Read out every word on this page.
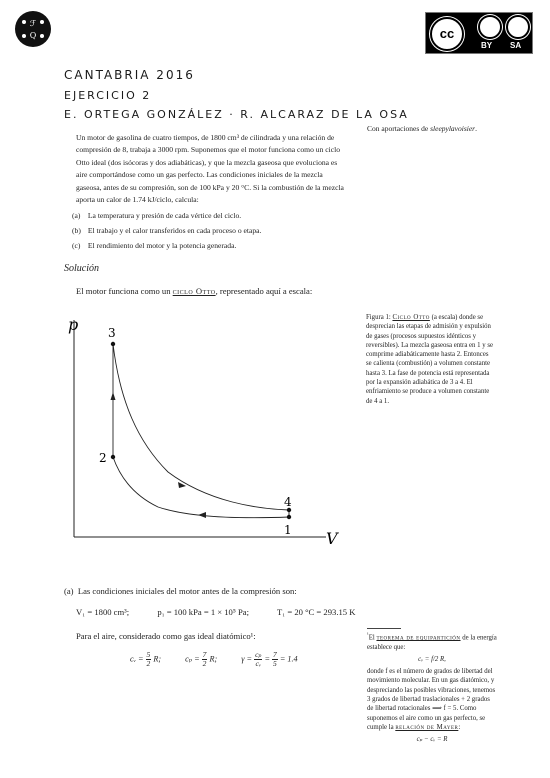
ℱ
Q	cc
BY SA
CANTABRIA 2016
EJERCICIO 2
E. ORTEGA GONZÁLEZ · R. ALCARAZ DE LA OSA
Con aportaciones de sleepylavoisier.
Un motor de gasolina de cuatro tiempos, de 1800 cm³ de cilindrada y una relación de compresión de 8, trabaja a 3000 rpm. Suponemos que el motor funciona como un ciclo Otto ideal (dos isócoras y dos adiabáticas), y que la mezcla gaseosa que evoluciona es aire comportándose como un gas perfecto. Las condiciones iniciales de la mezcla gaseosa, antes de su compresión, son de 100 kPa y 20 °C. Si la combustión de la mezcla aporta un calor de 1.74 kJ/ciclo, calcula:
(a) La temperatura y presión de cada vértice del ciclo.
(b) El trabajo y el calor transferidos en cada proceso o etapa.
(c) El rendimiento del motor y la potencia generada.
Solución
El motor funciona como un ciclo Otto, representado aquí a escala:
p
V
3
2
4
1
Figura 1: Ciclo Otto (a escala) donde se desprecian las etapas de admisión y expulsión de gases (procesos supuestos idénticos y reversibles). La mezcla gaseosa entra en 1 y se comprime adiabáticamente hasta 2. Entonces se calienta (combustión) a volumen constante hasta 3. La fase de potencia está representada por la expansión adiabática de 3 a 4. El enfriamiento se produce a volumen constante de 4 a 1.
(a) Las condiciones iniciales del motor antes de la compresión son:
V₁ = 1800 cm³;	p₁ = 100 kPa = 1 × 10⁵ Pa;	T₁ = 20 °C = 293.15 K
Para el aire, considerado como gas ideal diatómico¹:
cᵥ = $\frac{5}{2} R$;	$c_p = \frac{7}{2} R$;	$\gamma = \frac{\text{cₚ}}{\text{cᵥ}} = \frac{7}{5} = 1.4$
$^{^1}$El teorema de equipartición de la energía establece que:
cᵥ = f/2 R,
donde f es el número de grados de libertad del movimiento molecular. En un gas diatómico, y despreciando las posibles vibraciones, tenemos 3 grados de libertad traslacionales + 2 grados de libertad rotacionales ⟹ f = 5. Como suponemos el aire como un gas perfecto, se cumple la relación de Mayer:
cₚ − cᵥ = R
